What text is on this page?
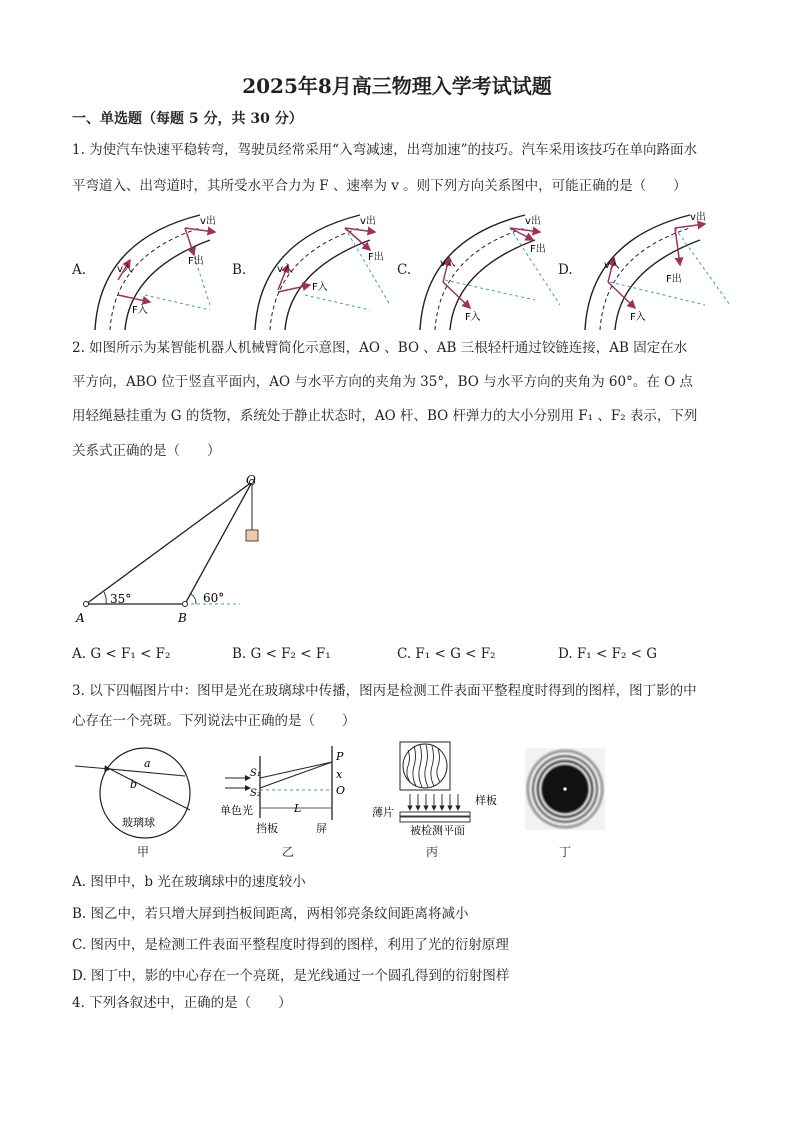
2025年8月高三物理入学考试试题
一、单选题（每题 5 分，共 30 分）
1. 为使汽车快速平稳转弯，驾驶员经常采用“入弯减速，出弯加速”的技巧。汽车采用该技巧在单向路面水
平弯道入、出弯道时，其所受水平合力为 F 、速率为 v 。则下列方向关系图中，可能正确的是（　　）
v入
v出
F入
F出
v入
v出
F入
F出
v入
v出
F入
F出
v入
v出
F入
F出
A.	B.	C.	D.
2. 如图所示为某智能机器人机械臂简化示意图，AO 、BO 、AB 三根轻杆通过铰链连接，AB 固定在水
平方向，ABO 位于竖直平面内，AO 与水平方向的夹角为 35°，BO 与水平方向的夹角为 60°。在 O 点
用轻绳悬挂重为 G 的货物，系统处于静止状态时，AO 杆、BO 杆弹力的大小分别用 F₁ 、F₂ 表示，下列
关系式正确的是（　　）
O
A	B
35°	60°
A. G < F₁ < F₂	B. G < F₂ < F₁	C. F₁ < G < F₂	D. F₁ < F₂ < G
3. 以下四幅图片中：图甲是光在玻璃球中传播，图丙是检测工件表面平整程度时得到的图样，图丁影的中
心存在一个亮斑。下列说法中正确的是（　　）
a
b
玻璃球
S₁
S₂
P
x
O
L
单色光
挡板	屏
薄片
样板
被检测平面
甲	乙	丙	丁
A. 图甲中，b 光在玻璃球中的速度较小
B. 图乙中，若只增大屏到挡板间距离，两相邻亮条纹间距离将减小
C. 图丙中，是检测工件表面平整程度时得到的图样，利用了光的衍射原理
D. 图丁中，影的中心存在一个亮斑，是光线通过一个圆孔得到的衍射图样
4. 下列各叙述中，正确的是（　　）
